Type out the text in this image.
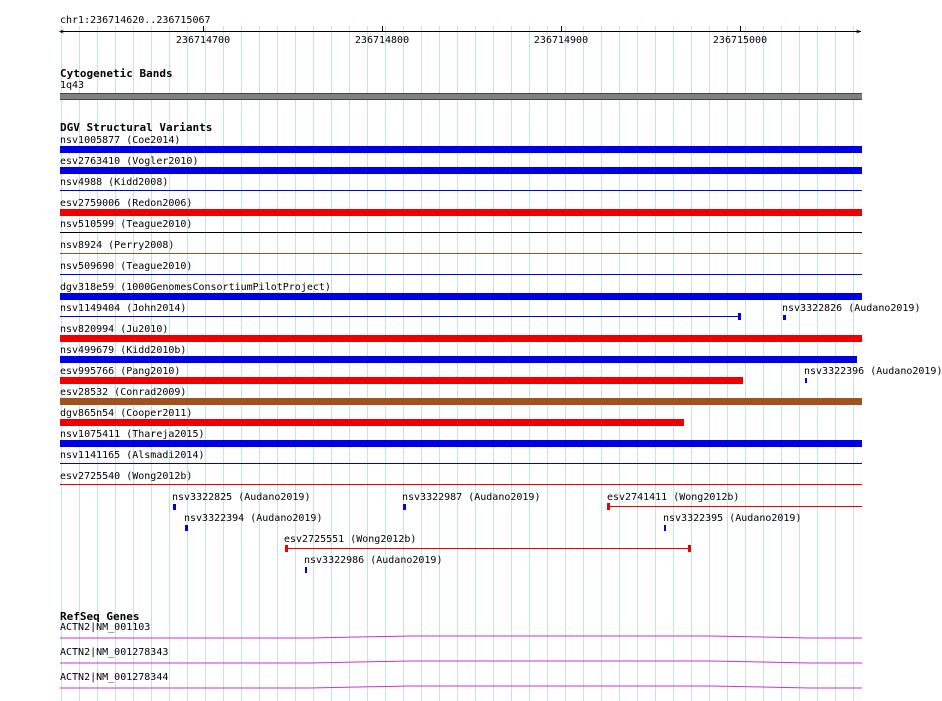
chr1:236714620..236715067
<	>
236714700	236714800	236714900	236715000
Cytogenetic Bands
1q43
DGV Structural Variants
nsv1005877 (Coe2014)
esv2763410 (Vogler2010)
nsv4988 (Kidd2008)
esv2759006 (Redon2006)
nsv510599 (Teague2010)
nsv8924 (Perry2008)
nsv509690 (Teague2010)
dgv318e59 (1000GenomesConsortiumPilotProject)
nsv1149404 (John2014)
nsv820994 (Ju2010)
nsv499679 (Kidd2010b)
esv995766 (Pang2010)
esv28532 (Conrad2009)
dgv865n54 (Cooper2011)
nsv1075411 (Thareja2015)
nsv1141165 (Alsmadi2014)
esv2725540 (Wong2012b)
nsv3322826 (Audano2019)
nsv3322396 (Audano2019)
nsv3322825 (Audano2019)	nsv3322987 (Audano2019)	esv2741411 (Wong2012b)
nsv3322394 (Audano2019)	nsv3322395 (Audano2019)
esv2725551 (Wong2012b)
nsv3322986 (Audano2019)
RefSeq Genes
ACTN2|NM_001103
ACTN2|NM_001278343
ACTN2|NM_001278344
